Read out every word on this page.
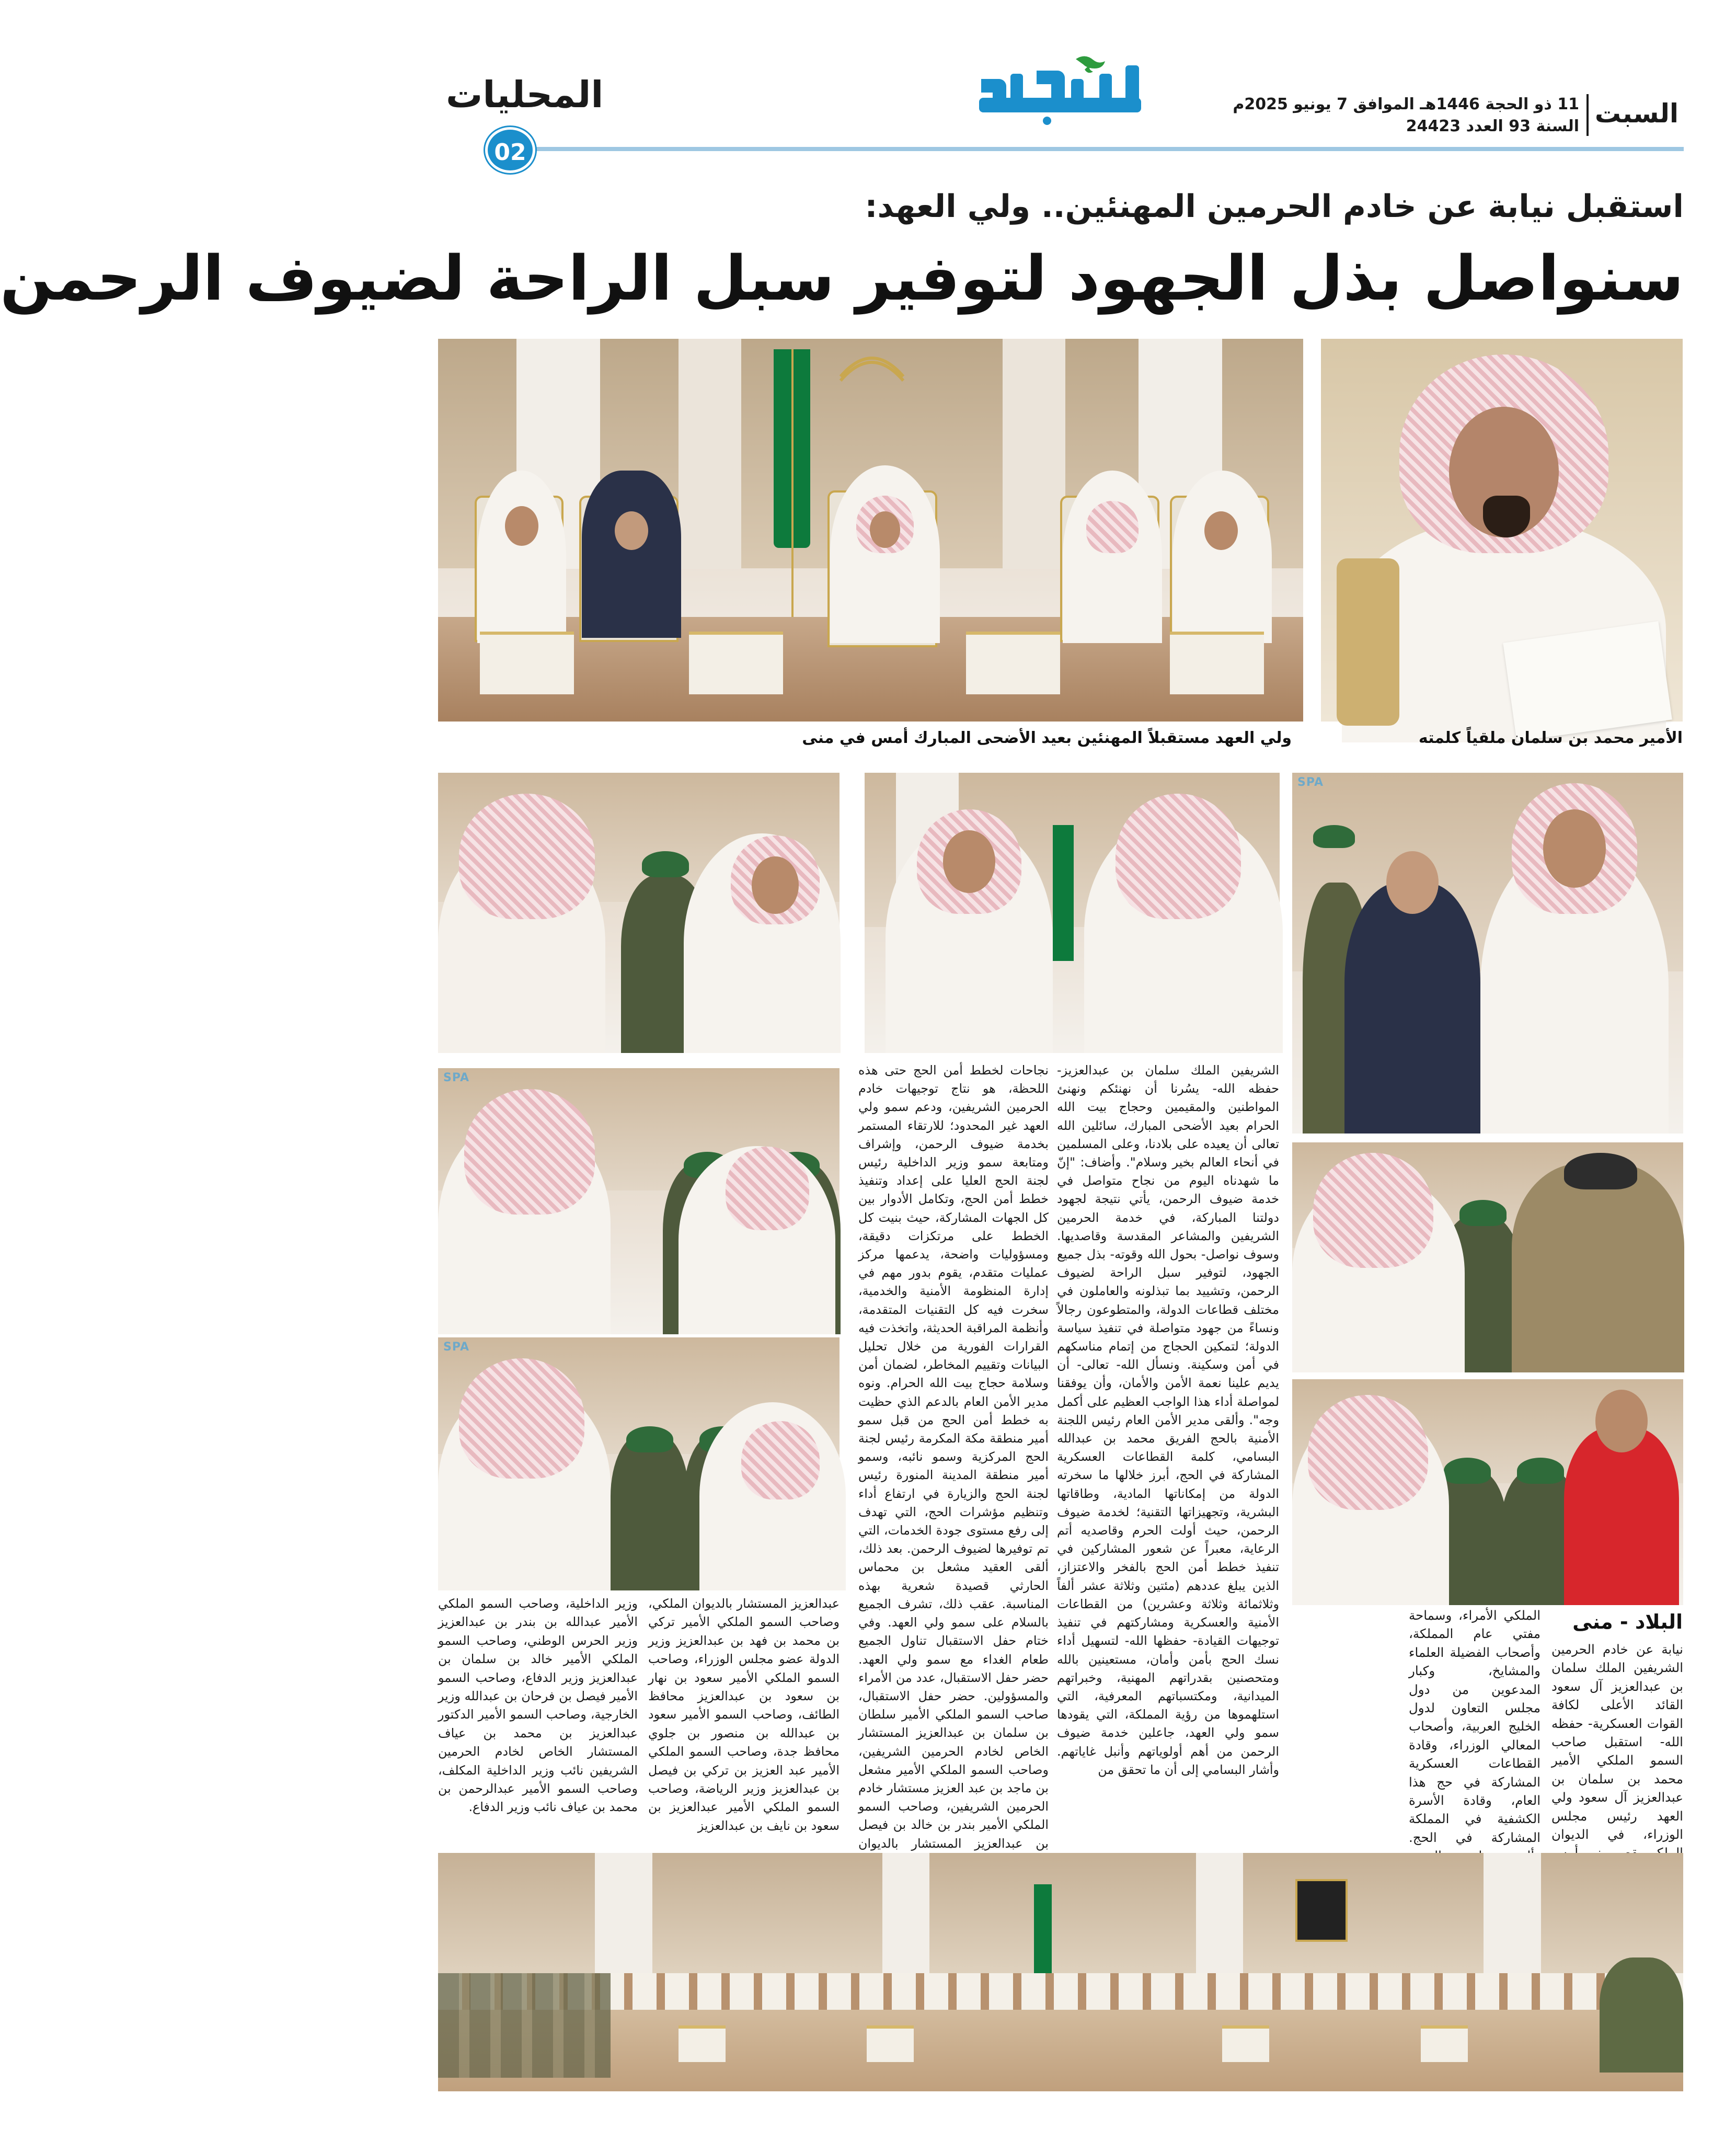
السبت
11 ذو الحجة 1446هـ الموافق 7 يونيو 2025م
السنة 93 العدد 24423
المحليات
02
استقبل نيابة عن خادم الحرمين المهنئين.. ولي العهد:
سنواصل بذل الجهود لتوفير سبل الراحة لضيوف الرحمن
الأمير محمد بن سلمان ملقياً كلمته
ولي العهد مستقبلاً المهنئين بعيد الأضحى المبارك أمس في منى
SPA
SPA
SPA
البلاد - منى

نيابة عن خادم الحرمين الشريفين الملك سلمان بن عبدالعزيز آل سعود القائد الأعلى لكافة القوات العسكرية- حفظه الله- استقبل صاحب السمو الملكي الأمير محمد بن سلمان بن عبدالعزيز آل سعود ولي العهد رئيس مجلس الوزراء، في الديوان

الملكي الأمراء، وسماحة مفتي عام المملكة، وأصحاب الفضيلة العلماء والمشايخ، وكبار المدعوين من دول مجلس التعاون لدول الخليج العربية، وأصحاب المعالي الوزراء، وقادة القطاعات العسكرية المشاركة في حج هذا العام، وقادة الأسرة الكشفية في المملكة المشاركة في الحج.

الشريفين الملك سلمان بن عبدالعزيز- حفظه الله- يسُرنا أن نهنئكم ونهنئ المواطنين والمقيمين وحجاج بيت الله الحرام بعيد الأضحى المبارك، سائلين الله تعالى أن يعيده على بلادنا، وعلى المسلمين في أنحاء العالم بخير وسلام". وأضاف: "إنّ ما شهدناه اليوم من نجاح متواصل في خدمة ضيوف الرحمن، يأتي نتيجة لجهود دولتنا المباركة، في خدمة الحرمين الشريفين والمشاعر المقدسة وقاصديها. وسوف نواصل- بحول الله وقوته- بذل جميع الجهود، لتوفير سبل الراحة لضيوف الرحمن، وتشييد بما تبذلونه والعاملون في مختلف قطاعات الدولة، والمتطوعون رجالاً ونساءً من جهود متواصلة في تنفيذ سياسة الدولة؛ لتمكين الحجاج من إتمام مناسكهم في أمن وسكينة. ونسأل الله- تعالى- أن يديم علينا نعمة الأمن والأمان، وأن يوفقنا لمواصلة أداء هذا الواجب العظيم على أكمل وجه". وألقى مدير الأمن العام رئيس اللجنة الأمنية بالحج الفريق محمد بن عبدالله البسامي، كلمة القطاعات العسكرية المشاركة في الحج، أبرز خلالها ما سخرته الدولة من إمكاناتها المادية، وطاقاتها البشرية، وتجهيزاتها التقنية؛ لخدمة ضيوف الرحمن، حيث أولت الحرم وقاصديه أتم الرعاية، معبراً عن شعور المشاركين في تنفيذ خطط أمن الحج بالفخر والاعتزاز، الذين يبلغ عددهم (مئتين وثلاثة عشر ألفاً وثلاثمائة وثلاثة وعشرين) من القطاعات الأمنية والعسكرية ومشاركتهم في تنفيذ توجيهات القيادة- حفظها الله- لتسهيل أداء نسك الحج بأمن وأمان، مستعينين بالله ومتحصنين بقدراتهم المهنية، وخبراتهم الميدانية، ومكتسباتهم المعرفية، التي استلهموها من رؤية المملكة، التي يقودها سمو ولي العهد، جاعلين خدمة ضيوف الرحمن من أهم أولوياتهم وأنبل غاياتهم. وأشار البسامي إلى أن ما تحقق من

نجاحات لخطط أمن الحج حتى هذه اللحظة، هو نتاج توجيهات خادم الحرمين الشريفين، ودعم سمو ولي العهد غير المحدود؛ للارتقاء المستمر بخدمة ضيوف الرحمن، وإشراف ومتابعة سمو وزير الداخلية رئيس لجنة الحج العليا على إعداد وتنفيذ خطط أمن الحج، وتكامل الأدوار بين كل الجهات المشاركة، حيث بنيت كل الخطط على مرتكزات دقيقة، ومسؤوليات واضحة، يدعمها مركز عمليات متقدم، يقوم بدور مهم في إدارة المنظومة الأمنية والخدمية، سخرت فيه كل التقنيات المتقدمة، وأنظمة المراقبة الحديثة، واتخذت فيه القرارات الفورية من خلال تحليل البيانات وتقييم المخاطر، لضمان أمن وسلامة حجاج بيت الله الحرام. ونوه مدير الأمن العام بالدعم الذي حظيت به خطط أمن الحج من قبل سمو أمير منطقة مكة المكرمة رئيس لجنة الحج المركزية وسمو نائبه، وسمو أمير منطقة المدينة المنورة رئيس لجنة الحج والزيارة في ارتفاع أداء وتنظيم مؤشرات الحج، التي تهدف إلى رفع مستوى جودة الخدمات، التي تم توفيرها لضيوف الرحمن. بعد ذلك، ألقى العقيد مشعل بن محماس الحارثي قصيدة شعرية بهذه المناسبة. عقب ذلك، تشرف الجميع بالسلام على سمو ولي العهد. وفي ختام حفل الاستقبال تناول الجميع طعام الغداء مع سمو ولي العهد. حضر حفل الاستقبال، عدد من الأمراء والمسؤولين. حضر حفل الاستقبال، صاحب السمو الملكي الأمير سلطان بن سلمان بن عبدالعزيز المستشار الخاص لخادم الحرمين الشريفين، وصاحب السمو الملكي الأمير مشعل بن ماجد بن عبد العزيز مستشار خادم الحرمين الشريفين، وصاحب السمو الملكي الأمير بندر بن خالد بن فيصل بن عبدالعزيز المستشار بالديوان

عبدالعزيز المستشار بالديوان الملكي، وصاحب السمو الملكي الأمير تركي بن محمد بن فهد بن عبدالعزيز وزير الدولة عضو مجلس الوزراء، وصاحب السمو الملكي الأمير سعود بن نهار بن سعود بن عبدالعزيز محافظ الطائف، وصاحب السمو الأمير سعود بن عبدالله بن منصور بن جلوي محافظ جدة، وصاحب السمو الملكي الأمير عبد العزيز بن تركي بن فيصل بن عبدالعزيز وزير الرياضة، وصاحب السمو الملكي الأمير عبدالعزيز بن سعود بن نايف بن عبدالعزيز

وزير الداخلية، وصاحب السمو الملكي الأمير عبدالله بن بندر بن عبدالعزيز وزير الحرس الوطني، وصاحب السمو الملكي الأمير خالد بن سلمان بن عبدالعزيز وزير الدفاع، وصاحب السمو الأمير فيصل بن فرحان بن عبدالله وزير الخارجية، وصاحب السمو الأمير الدكتور عبدالعزيز بن محمد بن عياف المستشار الخاص لخادم الحرمين الشريفين نائب وزير الداخلية المكلف، وصاحب السمو الأمير عبدالرحمن بن محمد بن عياف نائب وزير الدفاع.
